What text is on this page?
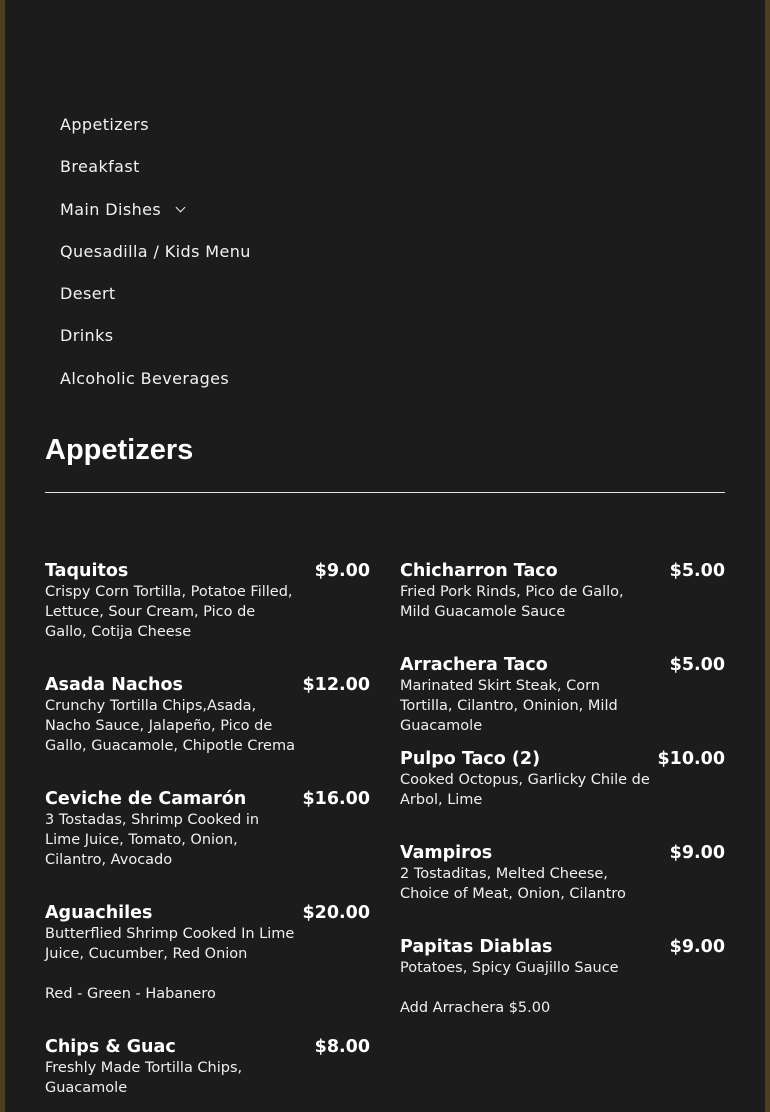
Appetizers
Breakfast
Main Dishes
Quesadilla / Kids Menu
Desert
Drinks
Alcoholic Beverages
Appetizers
Taquitos	$9.00
Crispy Corn Tortilla, Potatoe Filled, Lettuce, Sour Cream, Pico de Gallo, Cotija Cheese
Asada Nachos	$12.00
Crunchy Tortilla Chips,Asada, Nacho Sauce, Jalapeño, Pico de Gallo, Guacamole, Chipotle Crema
Ceviche de Camarón	$16.00
3 Tostadas, Shrimp Cooked in Lime Juice, Tomato, Onion, Cilantro, Avocado
Aguachiles	$20.00
Butterflied Shrimp Cooked In Lime Juice, Cucumber, Red Onion
Red - Green - Habanero
Chips & Guac	$8.00
Freshly Made Tortilla Chips, Guacamole
Chicharron Taco	$5.00
Fried Pork Rinds, Pico de Gallo, Mild Guacamole Sauce
Arrachera Taco	$5.00
Marinated Skirt Steak, Corn Tortilla, Cilantro, Oninion, Mild Guacamole
Pulpo Taco (2)	$10.00
Cooked Octopus, Garlicky Chile de Arbol, Lime
Vampiros	$9.00
2 Tostaditas, Melted Cheese, Choice of Meat, Onion, Cilantro
Papitas Diablas	$9.00
Potatoes, Spicy Guajillo Sauce
Add Arrachera $5.00
